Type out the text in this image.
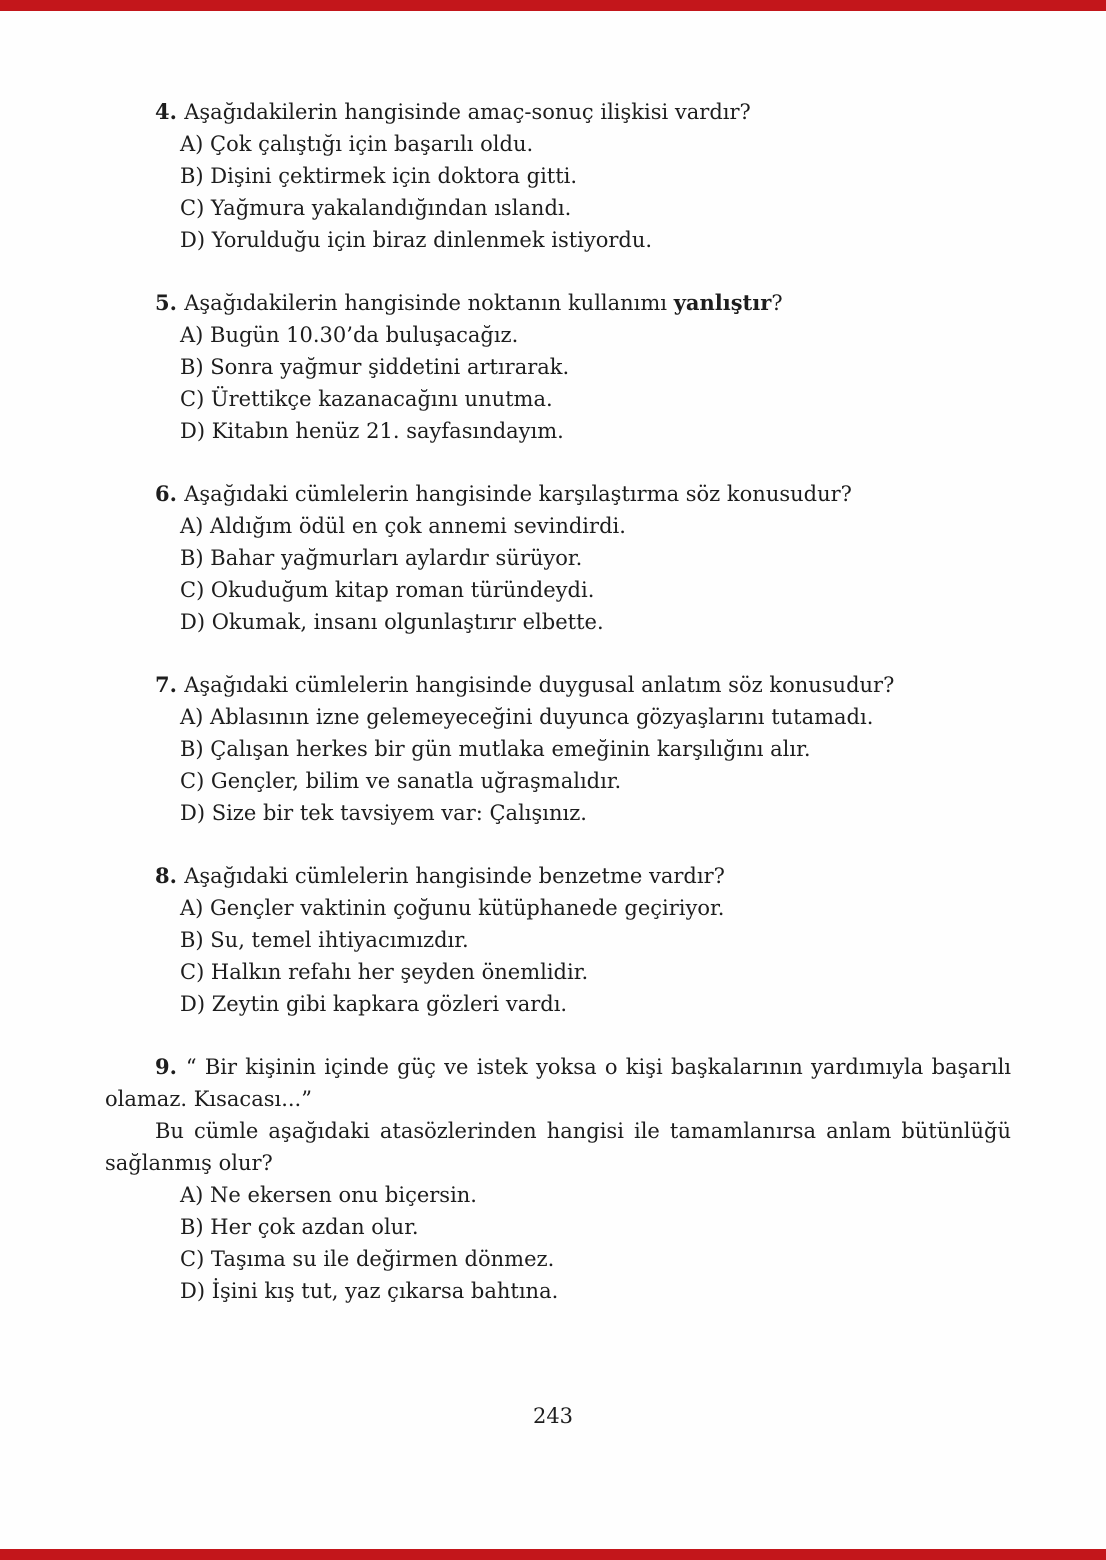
4. Aşağıdakilerin hangisinde amaç-sonuç ilişkisi vardır?

A) Çok çalıştığı için başarılı oldu.

B) Dişini çektirmek için doktora gitti.

C) Yağmura yakalandığından ıslandı.

D) Yorulduğu için biraz dinlenmek istiyordu.

5. Aşağıdakilerin hangisinde noktanın kullanımı yanlıştır?

A) Bugün 10.30’da buluşacağız.

B) Sonra yağmur şiddetini artırarak.

C) Ürettikçe kazanacağını unutma.

D) Kitabın henüz 21. sayfasındayım.

6. Aşağıdaki cümlelerin hangisinde karşılaştırma söz konusudur?

A) Aldığım ödül en çok annemi sevindirdi.

B) Bahar yağmurları aylardır sürüyor.

C) Okuduğum kitap roman türündeydi.

D) Okumak, insanı olgunlaştırır elbette.

7. Aşağıdaki cümlelerin hangisinde duygusal anlatım söz konusudur?

A) Ablasının izne gelemeyeceğini duyunca gözyaşlarını tutamadı.

B) Çalışan herkes bir gün mutlaka emeğinin karşılığını alır.

C) Gençler, bilim ve sanatla uğraşmalıdır.

D) Size bir tek tavsiyem var: Çalışınız.

8. Aşağıdaki cümlelerin hangisinde benzetme vardır?

A) Gençler vaktinin çoğunu kütüphanede geçiriyor.

B) Su, temel ihtiyacımızdır.

C) Halkın refahı her şeyden önemlidir.

D) Zeytin gibi kapkara gözleri vardı.

9. “ Bir kişinin içinde güç ve istek yoksa o kişi başkalarının yardımıyla başarılı olamaz. Kısacası...”

Bu cümle aşağıdaki atasözlerinden hangisi ile tamamlanırsa anlam bütünlüğü sağlanmış olur?

A) Ne ekersen onu biçersin.

B) Her çok azdan olur.

C) Taşıma su ile değirmen dönmez.

D) İşini kış tut, yaz çıkarsa bahtına.

243
